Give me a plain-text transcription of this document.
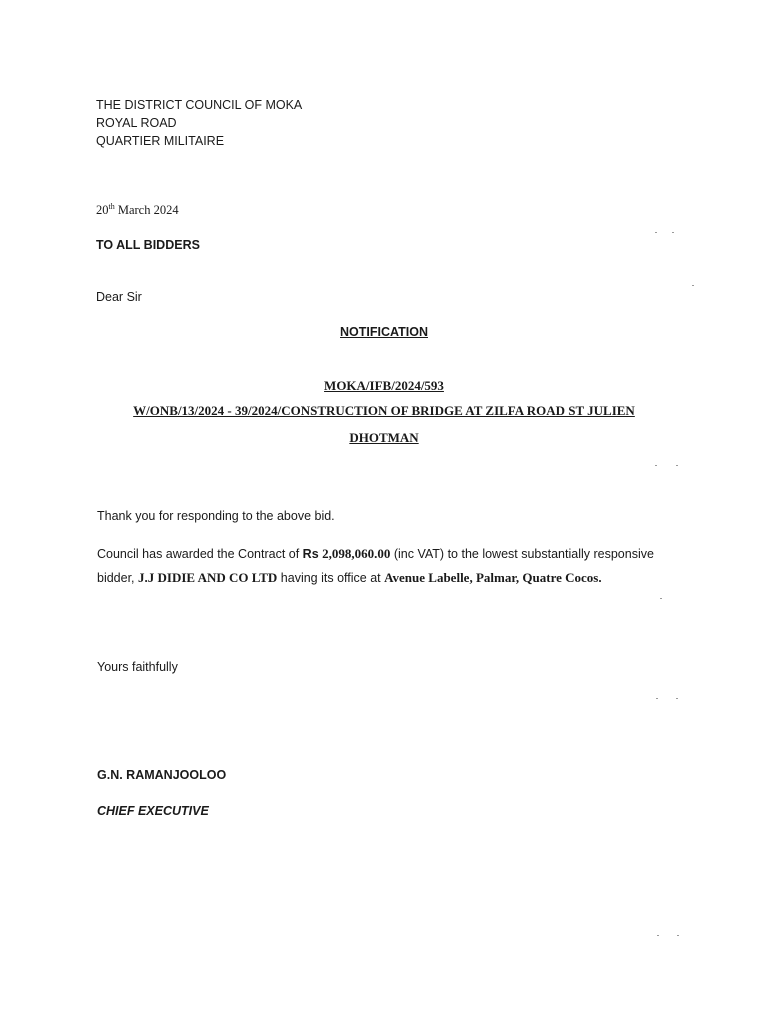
THE DISTRICT COUNCIL OF MOKA
ROYAL ROAD
QUARTIER MILITAIRE
20th March 2024
TO ALL BIDDERS
Dear Sir
NOTIFICATION
MOKA/IFB/2024/593
W/ONB/13/2024 - 39/2024/CONSTRUCTION OF BRIDGE AT ZILFA ROAD ST JULIEN
DHOTMAN
Thank you for responding to the above bid.
Council has awarded the Contract of Rs 2,098,060.00 (inc VAT) to the lowest substantially responsive
bidder, J.J DIDIE AND CO LTD having its office at Avenue Labelle, Palmar, Quatre Cocos.
Yours faithfully
G.N. RAMANJOOLOO
CHIEF EXECUTIVE
